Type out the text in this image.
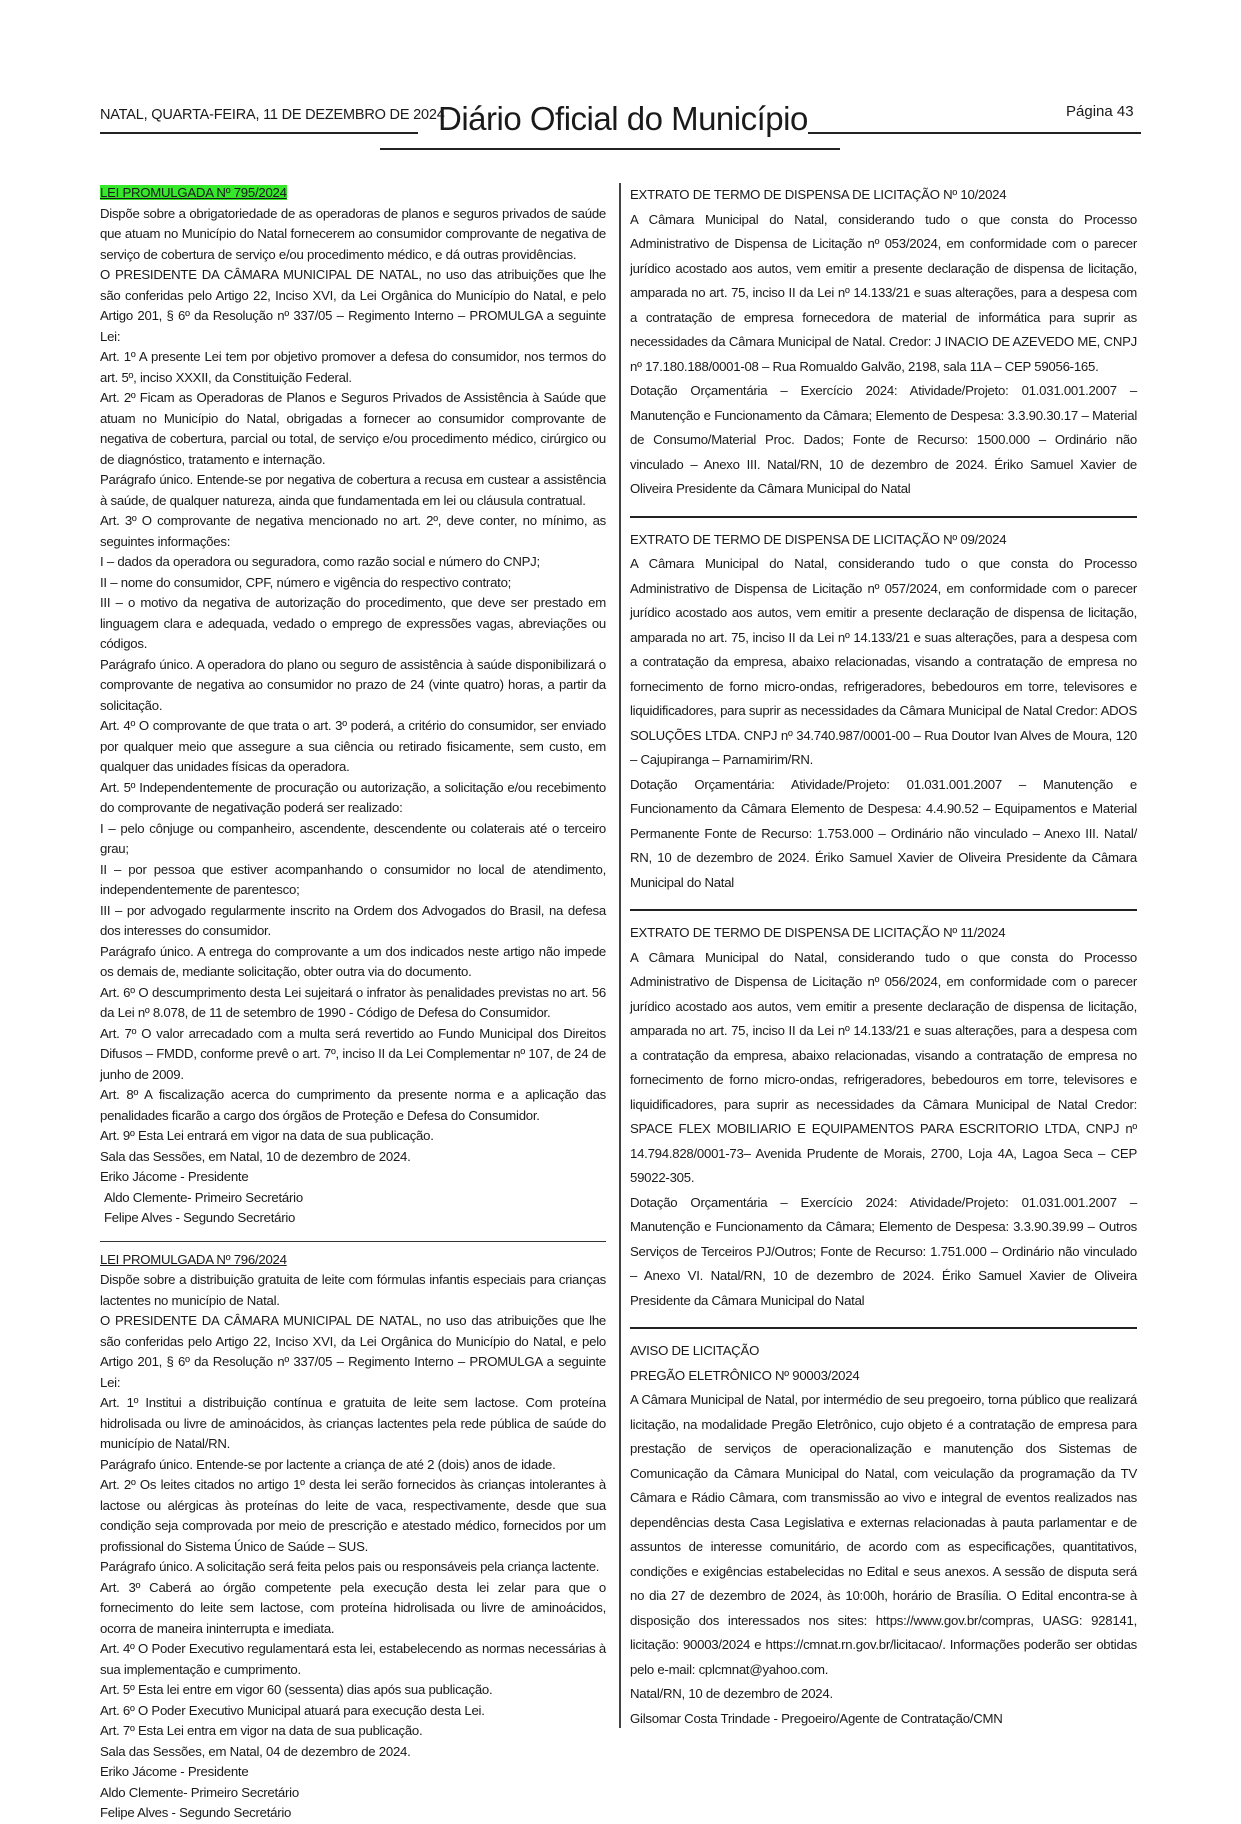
NATAL, QUARTA-FEIRA, 11 DE DEZEMBRO DE 2024
Diário Oficial do Município	Página 43

LEI PROMULGADA Nº 795/2024

Dispõe sobre a obrigatoriedade de as operadoras de planos e seguros privados de saúde que atuam no Município do Natal fornecerem ao consumidor comprovante de negativa de serviço de cobertura de serviço e/ou procedimento médico, e dá outras providências.

O PRESIDENTE DA CÂMARA MUNICIPAL DE NATAL, no uso das atribuições que lhe são conferidas pelo Artigo 22, Inciso XVI, da Lei Orgânica do Município do Natal, e pelo Artigo 201, § 6º da Resolução nº 337/05 – Regimento Interno – PROMULGA a seguinte Lei:

Art. 1º A presente Lei tem por objetivo promover a defesa do consumidor, nos termos do art. 5º, inciso XXXII, da Constituição Federal.

Art. 2º Ficam as Operadoras de Planos e Seguros Privados de Assistência à Saúde que atuam no Município do Natal, obrigadas a fornecer ao consumidor comprovante de negativa de cobertura, parcial ou total, de serviço e/ou procedimento médico, cirúrgico ou de diagnóstico, tratamento e internação.

Parágrafo único. Entende-se por negativa de cobertura a recusa em custear a assistência à saúde, de qualquer natureza, ainda que fundamentada em lei ou cláusula contratual.

Art. 3º O comprovante de negativa mencionado no art. 2º, deve conter, no mínimo, as seguintes informações:

I – dados da operadora ou seguradora, como razão social e número do CNPJ;

II – nome do consumidor, CPF, número e vigência do respectivo contrato;

III – o motivo da negativa de autorização do procedimento, que deve ser prestado em linguagem clara e adequada, vedado o emprego de expressões vagas, abreviações ou códigos.

Parágrafo único. A operadora do plano ou seguro de assistência à saúde disponibilizará o comprovante de negativa ao consumidor no prazo de 24 (vinte quatro) horas, a partir da solicitação.

Art. 4º O comprovante de que trata o art. 3º poderá, a critério do consumidor, ser enviado por qualquer meio que assegure a sua ciência ou retirado fisicamente, sem custo, em qualquer das unidades físicas da operadora.

Art. 5º Independentemente de procuração ou autorização, a solicitação e/ou recebimento do comprovante de negativação poderá ser realizado:

I – pelo cônjuge ou companheiro, ascendente, descendente ou colaterais até o terceiro grau;

II – por pessoa que estiver acompanhando o consumidor no local de atendimento, independentemente de parentesco;

III – por advogado regularmente inscrito na Ordem dos Advogados do Brasil, na defesa dos interesses do consumidor.

Parágrafo único. A entrega do comprovante a um dos indicados neste artigo não impede os demais de, mediante solicitação, obter outra via do documento.

Art. 6º O descumprimento desta Lei sujeitará o infrator às penalidades previstas no art. 56 da Lei nº 8.078, de 11 de setembro de 1990 - Código de Defesa do Consumidor.

Art. 7º O valor arrecadado com a multa será revertido ao Fundo Municipal dos Direitos Difusos – FMDD, conforme prevê o art. 7º, inciso II da Lei Complementar nº 107, de 24 de junho de 2009.

Art. 8º A fiscalização acerca do cumprimento da presente norma e a aplicação das penalidades ficarão a cargo dos órgãos de Proteção e Defesa do Consumidor.

Art. 9º Esta Lei entrará em vigor na data de sua publicação.

Sala das Sessões, em Natal, 10 de dezembro de 2024.

Eriko Jácome - Presidente

Aldo Clemente- Primeiro Secretário

Felipe Alves - Segundo Secretário

LEI PROMULGADA Nº 796/2024

Dispõe sobre a distribuição gratuita de leite com fórmulas infantis especiais para crianças lactentes no município de Natal.

O PRESIDENTE DA CÂMARA MUNICIPAL DE NATAL, no uso das atribuições que lhe são conferidas pelo Artigo 22, Inciso XVI, da Lei Orgânica do Município do Natal, e pelo Artigo 201, § 6º da Resolução nº 337/05 – Regimento Interno – PROMULGA a seguinte Lei:

Art. 1º Institui a distribuição contínua e gratuita de leite sem lactose. Com proteína hidrolisada ou livre de aminoácidos, às crianças lactentes pela rede pública de saúde do município de Natal/RN.

Parágrafo único. Entende-se por lactente a criança de até 2 (dois) anos de idade.

Art. 2º Os leites citados no artigo 1º desta lei serão fornecidos às crianças intolerantes à lactose ou alérgicas às proteínas do leite de vaca, respectivamente, desde que sua condição seja comprovada por meio de prescrição e atestado médico, fornecidos por um profissional do Sistema Único de Saúde – SUS.

Parágrafo único. A solicitação será feita pelos pais ou responsáveis pela criança lactente.

Art. 3º Caberá ao órgão competente pela execução desta lei zelar para que o fornecimento do leite sem lactose, com proteína hidrolisada ou livre de aminoácidos, ocorra de maneira ininterrupta e imediata.

Art. 4º O Poder Executivo regulamentará esta lei, estabelecendo as normas necessárias à sua implementação e cumprimento.

Art. 5º Esta lei entre em vigor 60 (sessenta) dias após sua publicação.

Art. 6º O Poder Executivo Municipal atuará para execução desta Lei.

Art. 7º Esta Lei entra em vigor na data de sua publicação.

Sala das Sessões, em Natal, 04 de dezembro de 2024.

Eriko Jácome - Presidente

Aldo Clemente- Primeiro Secretário

Felipe Alves - Segundo Secretário

EXTRATO DE TERMO DE DISPENSA DE LICITAÇÃO Nº 10/2024

A Câmara Municipal do Natal, considerando tudo o que consta do Processo Administrativo de Dispensa de Licitação nº 053/2024, em conformidade com o parecer jurídico acostado aos autos, vem emitir a presente declaração de dispensa de licitação, amparada no art. 75, inciso II da Lei nº 14.133/21 e suas alterações, para a despesa com a contratação de empresa fornecedora de material de informática para suprir as necessidades da Câmara Municipal de Natal. Credor: J INACIO DE AZEVEDO ME, CNPJ nº 17.180.188/0001-08 – Rua Romualdo Galvão, 2198, sala 11A – CEP 59056-165.

Dotação Orçamentária – Exercício 2024: Atividade/Projeto: 01.031.001.2007 – Manutenção e Funcionamento da Câmara; Elemento de Despesa: 3.3.90.30.17 – Material de Consumo/Material Proc. Dados; Fonte de Recurso: 1500.000 – Ordinário não vinculado – Anexo III. Natal/RN, 10 de dezembro de 2024. Ériko Samuel Xavier de Oliveira Presidente da Câmara Municipal do Natal

EXTRATO DE TERMO DE DISPENSA DE LICITAÇÃO Nº 09/2024

A Câmara Municipal do Natal, considerando tudo o que consta do Processo Administrativo de Dispensa de Licitação nº 057/2024, em conformidade com o parecer jurídico acostado aos autos, vem emitir a presente declaração de dispensa de licitação, amparada no art. 75, inciso II da Lei nº 14.133/21 e suas alterações, para a despesa com a contratação da empresa, abaixo relacionadas, visando a contratação de empresa no fornecimento de forno micro-ondas, refrigeradores, bebedouros em torre, televisores e liquidificadores, para suprir as necessidades da Câmara Municipal de Natal Credor: ADOS SOLUÇÕES LTDA. CNPJ nº 34.740.987/0001-00 – Rua Doutor Ivan Alves de Moura, 120 – Cajupiranga – Parnamirim/RN.

Dotação Orçamentária: Atividade/Projeto: 01.031.001.2007 – Manutenção e Funcionamento da Câmara Elemento de Despesa: 4.4.90.52 – Equipamentos e Material Permanente Fonte de Recurso: 1.753.000 – Ordinário não vinculado – Anexo III. Natal/ RN, 10 de dezembro de 2024. Ériko Samuel Xavier de Oliveira Presidente da Câmara Municipal do Natal

EXTRATO DE TERMO DE DISPENSA DE LICITAÇÃO Nº 11/2024

A Câmara Municipal do Natal, considerando tudo o que consta do Processo Administrativo de Dispensa de Licitação nº 056/2024, em conformidade com o parecer jurídico acostado aos autos, vem emitir a presente declaração de dispensa de licitação, amparada no art. 75, inciso II da Lei nº 14.133/21 e suas alterações, para a despesa com a contratação da empresa, abaixo relacionadas, visando a contratação de empresa no fornecimento de forno micro-ondas, refrigeradores, bebedouros em torre, televisores e liquidificadores, para suprir as necessidades da Câmara Municipal de Natal Credor: SPACE FLEX MOBILIARIO E EQUIPAMENTOS PARA ESCRITORIO LTDA, CNPJ nº 14.794.828/0001-73– Avenida Prudente de Morais, 2700, Loja 4A, Lagoa Seca – CEP 59022-305.

Dotação Orçamentária – Exercício 2024: Atividade/Projeto: 01.031.001.2007 – Manutenção e Funcionamento da Câmara; Elemento de Despesa: 3.3.90.39.99 – Outros Serviços de Terceiros PJ/Outros; Fonte de Recurso: 1.751.000 – Ordinário não vinculado – Anexo VI. Natal/RN, 10 de dezembro de 2024. Ériko Samuel Xavier de Oliveira Presidente da Câmara Municipal do Natal

AVISO DE LICITAÇÃO

PREGÃO ELETRÔNICO Nº 90003/2024

A Câmara Municipal de Natal, por intermédio de seu pregoeiro, torna público que realizará licitação, na modalidade Pregão Eletrônico, cujo objeto é a contratação de empresa para prestação de serviços de operacionalização e manutenção dos Sistemas de Comunicação da Câmara Municipal do Natal, com veiculação da programação da TV Câmara e Rádio Câmara, com transmissão ao vivo e integral de eventos realizados nas dependências desta Casa Legislativa e externas relacionadas à pauta parlamentar e de assuntos de interesse comunitário, de acordo com as especificações, quantitativos, condições e exigências estabelecidas no Edital e seus anexos. A sessão de disputa será no dia 27 de dezembro de 2024, às 10:00h, horário de Brasília. O Edital encontra-se à disposição dos interessados nos sites: https://www.gov.br/compras, UASG: 928141, licitação: 90003/2024 e https://cmnat.rn.gov.br/licitacao/. Informações poderão ser obtidas pelo e-mail: cplcmnat@yahoo.com.

Natal/RN, 10 de dezembro de 2024.

Gilsomar Costa Trindade - Pregoeiro/Agente de Contratação/CMN
